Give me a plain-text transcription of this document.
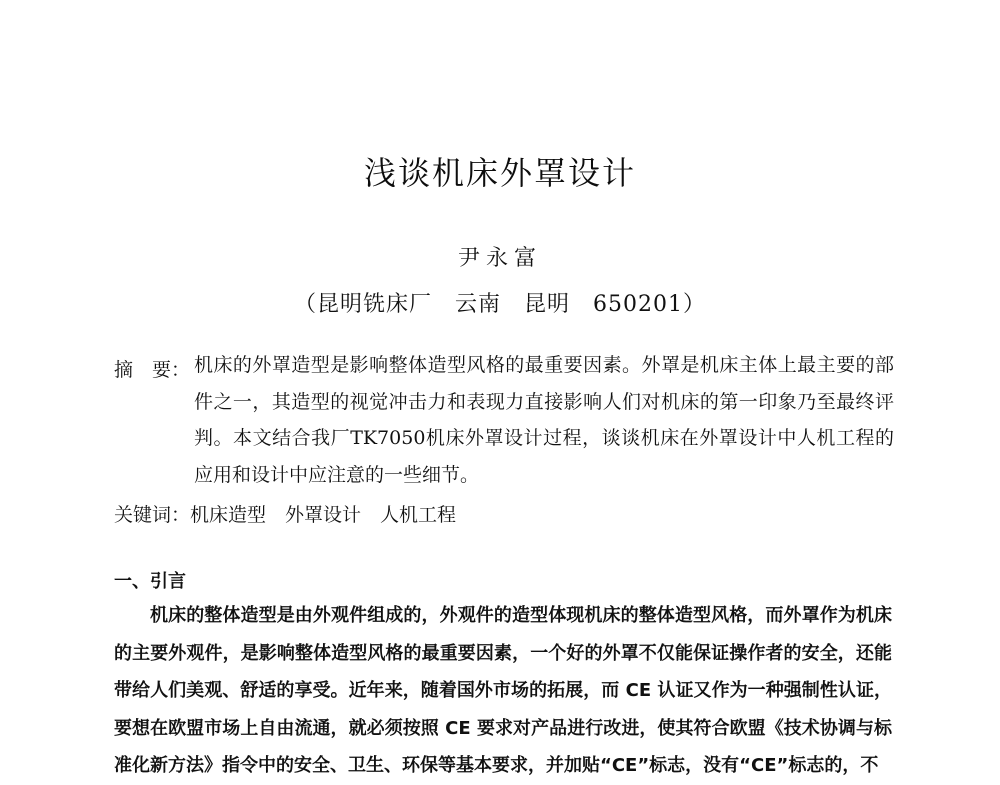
浅谈机床外罩设计
尹永富
（昆明铣床厂　云南　昆明　650201）
摘　要： 机床的外罩造型是影响整体造型风格的最重要因素。外罩是机床主体上最主要的部件之一，其造型的视觉冲击力和表现力直接影响人们对机床的第一印象乃至最终评判。本文结合我厂TK7050机床外罩设计过程，谈谈机床在外罩设计中人机工程的应用和设计中应注意的一些细节。
关键词：机床造型　外罩设计　人机工程
一、引言
机床的整体造型是由外观件组成的，外观件的造型体现机床的整体造型风格，而外罩作为机床的主要外观件，是影响整体造型风格的最重要因素，一个好的外罩不仅能保证操作者的安全，还能带给人们美观、舒适的享受。近年来，随着国外市场的拓展，而 CE 认证又作为一种强制性认证，要想在欧盟市场上自由流通，就必须按照 CE 要求对产品进行改进，使其符合欧盟《技术协调与标准化新方法》指令中的安全、卫生、环保等基本要求，并加贴“CE”标志，没有“CE”标志的，不
